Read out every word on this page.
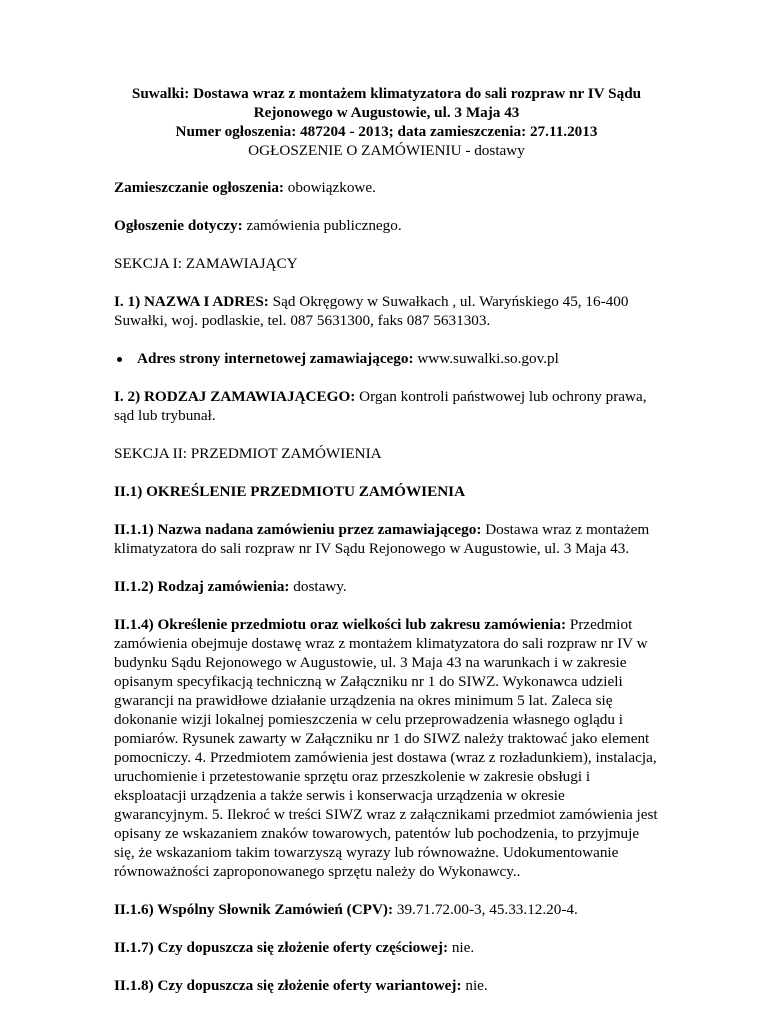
Suwalki: Dostawa wraz z montażem klimatyzatora do sali rozpraw nr IV Sądu
Rejonowego w Augustowie, ul. 3 Maja 43
Numer ogłoszenia: 487204 - 2013; data zamieszczenia: 27.11.2013
OGŁOSZENIE O ZAMÓWIENIU - dostawy

Zamieszczanie ogłoszenia: obowiązkowe.

Ogłoszenie dotyczy: zamówienia publicznego.

SEKCJA I: ZAMAWIAJĄCY

I. 1) NAZWA I ADRES: Sąd Okręgowy w Suwałkach , ul. Waryńskiego 45, 16-400 Suwałki, woj. podlaskie, tel. 087 5631300, faks 087 5631303.

Adres strony internetowej zamawiającego: www.suwalki.so.gov.pl

I. 2) RODZAJ ZAMAWIAJĄCEGO: Organ kontroli państwowej lub ochrony prawa, sąd lub trybunał.

SEKCJA II: PRZEDMIOT ZAMÓWIENIA

II.1) OKREŚLENIE PRZEDMIOTU ZAMÓWIENIA

II.1.1) Nazwa nadana zamówieniu przez zamawiającego: Dostawa wraz z montażem klimatyzatora do sali rozpraw nr IV Sądu Rejonowego w Augustowie, ul. 3 Maja 43.

II.1.2) Rodzaj zamówienia: dostawy.

II.1.4) Określenie przedmiotu oraz wielkości lub zakresu zamówienia: Przedmiot zamówienia obejmuje dostawę wraz z montażem klimatyzatora do sali rozpraw nr IV w budynku Sądu Rejonowego w Augustowie, ul. 3 Maja 43 na warunkach i w zakresie opisanym specyfikacją techniczną w Załączniku nr 1 do SIWZ. Wykonawca udzieli gwarancji na prawidłowe działanie urządzenia na okres minimum 5 lat. Zaleca się dokonanie wizji lokalnej pomieszczenia w celu przeprowadzenia własnego oglądu i pomiarów. Rysunek zawarty w Załączniku nr 1 do SIWZ należy traktować jako element pomocniczy. 4. Przedmiotem zamówienia jest dostawa (wraz z rozładunkiem), instalacja, uruchomienie i przetestowanie sprzętu oraz przeszkolenie w zakresie obsługi i eksploatacji urządzenia a także serwis i konserwacja urządzenia w okresie gwarancyjnym. 5. Ilekroć w treści SIWZ wraz z załącznikami przedmiot zamówienia jest opisany ze wskazaniem znaków towarowych, patentów lub pochodzenia, to przyjmuje się, że wskazaniom takim towarzyszą wyrazy lub równoważne. Udokumentowanie równoważności zaproponowanego sprzętu należy do Wykonawcy..

II.1.6) Wspólny Słownik Zamówień (CPV): 39.71.72.00-3, 45.33.12.20-4.

II.1.7) Czy dopuszcza się złożenie oferty częściowej: nie.

II.1.8) Czy dopuszcza się złożenie oferty wariantowej: nie.
